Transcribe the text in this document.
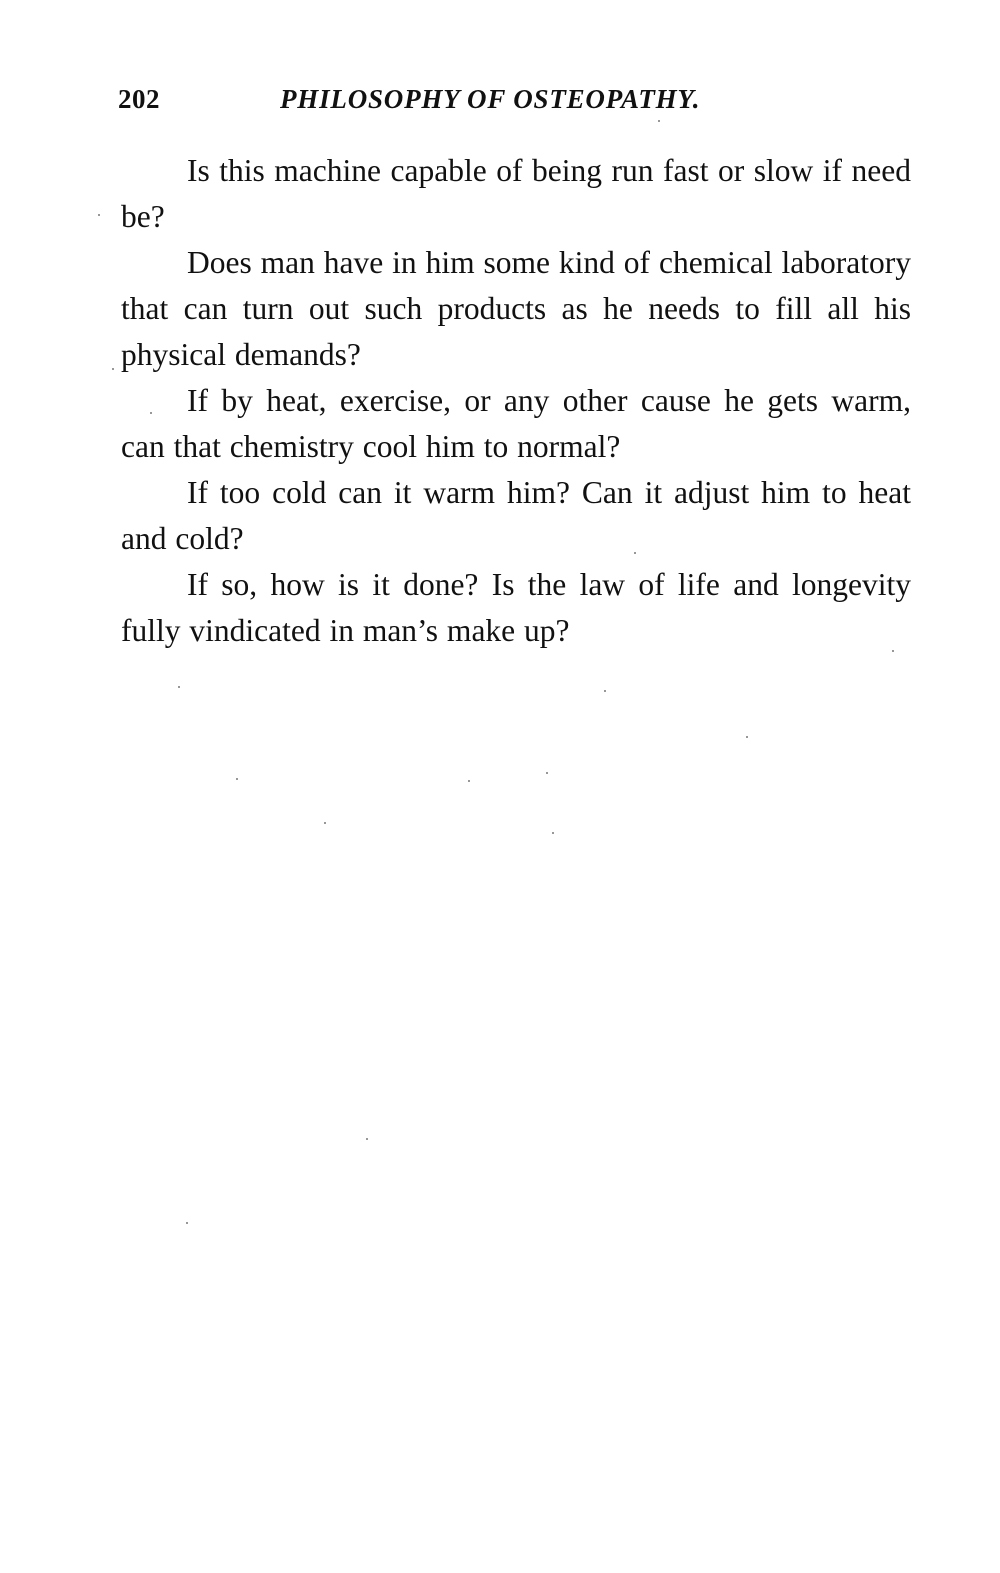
202	PHILOSOPHY OF OSTEOPATHY.

Is this machine capable of being run fast or slow if need be?

Does man have in him some kind of chemical laboratory that can turn out such products as he needs to fill all his physical demands?

If by heat, exercise, or any other cause he gets warm, can that chemistry cool him to normal?

If too cold can it warm him? Can it adjust him to heat and cold?

If so, how is it done? Is the law of life and longevity fully vindicated in man’s make up?
